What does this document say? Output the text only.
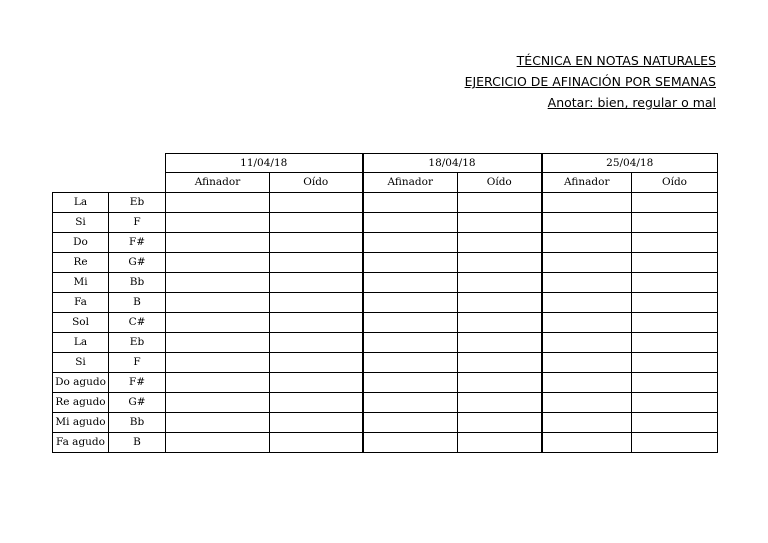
TÉCNICA EN NOTAS NATURALES
EJERCICIO DE AFINACIÓN POR SEMANAS
Anotar: bien, regular o mal
		11/04/18		18/04/18		25/04/18	
		Afinador	Oído	Afinador	Oído	Afinador	Oído
La	Eb						
Si	F						
Do	F#						
Re	G#						
Mi	Bb						
Fa	B						
Sol	C#						
La	Eb						
Si	F						
Do agudo	F#						
Re agudo	G#						
Mi agudo	Bb						
Fa agudo	B						
